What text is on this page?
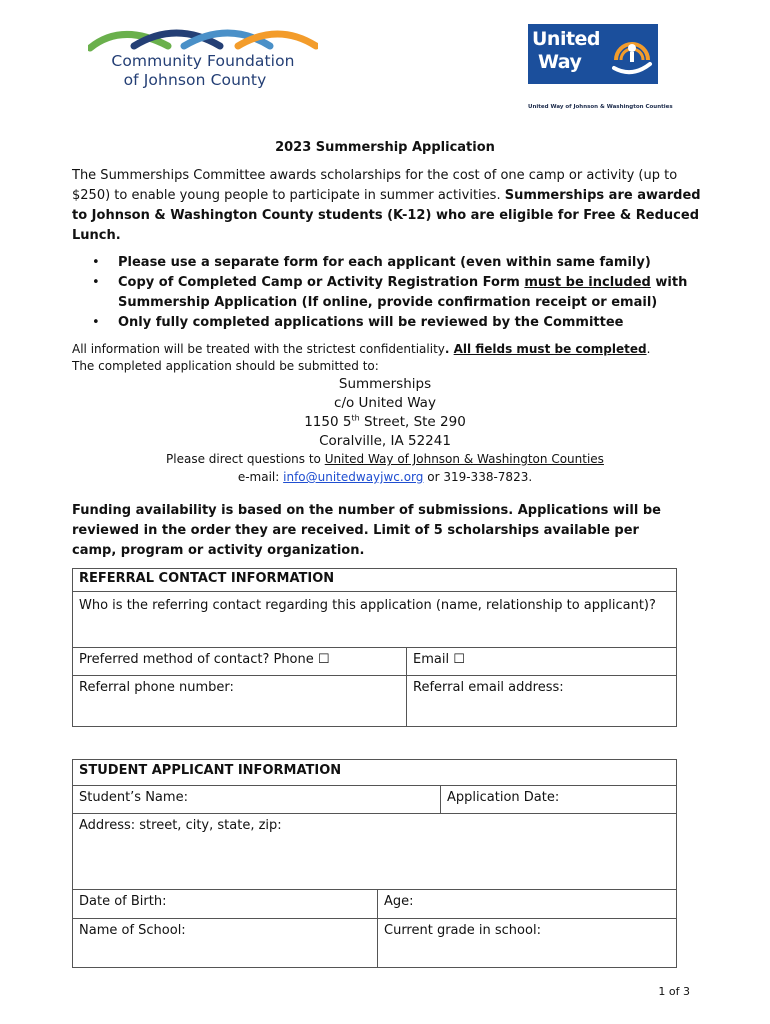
Community Foundation
of Johnson County
United
Way
United Way of Johnson & Washington Counties
2023 Summership Application
The Summerships Committee awards scholarships for the cost of one camp or activity (up to $250) to enable young people to participate in summer activities. Summerships are awarded to Johnson & Washington County students (K-12) who are eligible for Free & Reduced Lunch.
• Please use a separate form for each applicant (even within same family)
• Copy of Completed Camp or Activity Registration Form must be included with Summership Application (If online, provide confirmation receipt or email)
• Only fully completed applications will be reviewed by the Committee
All information will be treated with the strictest confidentiality. All fields must be completed.
The completed application should be submitted to:
Summerships
c/o United Way
1150 5th Street, Ste 290
Coralville, IA 52241
Please direct questions to United Way of Johnson & Washington Counties
e-mail: info@unitedwayjwc.org or 319-338-7823.
Funding availability is based on the number of submissions. Applications will be reviewed in the order they are received. Limit of 5 scholarships available per camp, program or activity organization.
REFERRAL CONTACT INFORMATION
Who is the referring contact regarding this application (name, relationship to applicant)?
Preferred method of contact? Phone ☐	Email ☐
Referral phone number:	Referral email address:
STUDENT APPLICANT INFORMATION
Student’s Name:	Application Date:
Address: street, city, state, zip:
Date of Birth:	Age:
Name of School:	Current grade in school:
1 of 3
